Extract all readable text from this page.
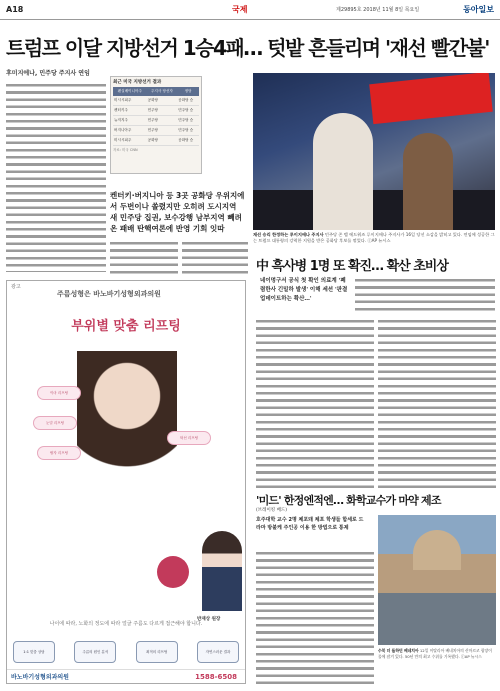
A18	국제	제29895호 2018년 11월 8일 목요일	동아일보
트럼프 이달 지방선거 1승4패… 텃밭 흔들리며 '재선 빨간불'
후미지에나, 민주당 주지사 연임
최근 미국 지방선거 결과
펜실베이니아주	주지사 당선자	정당
미시시피주	공화당	공화당 승
켄터키주	민주당	민주당 승
뉴저지주	민주당	민주당 승
버지니아주	민주당	민주당 승
미시시피주	공화당	공화당 승
자료: 미국 CNN
켄터키·버지니아 등 3곳 공화당 우위지에서 두번이나 쏠렸지만 오히려 도시지역 새 민주당 집권, 보수강행 남부지역 빼려온 패배 탄핵여론에 반영 기회 잇따
재선 승리 한정하는 루이지애나 주지사 민주당 존 벨 에드워즈 루이지애나 주지사가 16일 당선 소감을 밝히고 있다. 연임에 성공한 그는 트럼프 대통령의 강력한 지원을 받은 공화당 후보를 꺾었다. ⓒAP 뉴시스
中 흑사병 1명 또 확진… 확산 초비상
네이멍구서 공식 첫 확인 의료계 '폐렴한사 긴밀하 발생' 이해 세션 '판결 업데이트하는 확산…'
광고
주름성형은 바노바기성형외과의원
부위별 맞춤 리프팅
이마 리프팅
눈밑 리프팅
팔자 리프팅
턱선 리프팅
반재상 원장
나이에 따라, 노화의 정도에 따라 얼굴 주름도 다르게 접근해야 합니다.
1:1 맞춤 상담	주름의 원인 분석	최적의 리프팅	자연스러운 결과
바노바기성형외과의원	1588-6508
'미드' 한정엔적엔… 화학교수가 마약 제조
(브레이킹 배드)
호주대학 교수 2명 체포돼 체포 학생들 합세로 드라마 방불케 주인공 이용 한 방법으로 통제
수북 더 들하던 베네치아 12일 이탈리아 베네치아의 산마르코 광장이 물에 잠겨 있다. 50년 만의 최고 수위를 기록했다. ⓒAP 뉴시스
